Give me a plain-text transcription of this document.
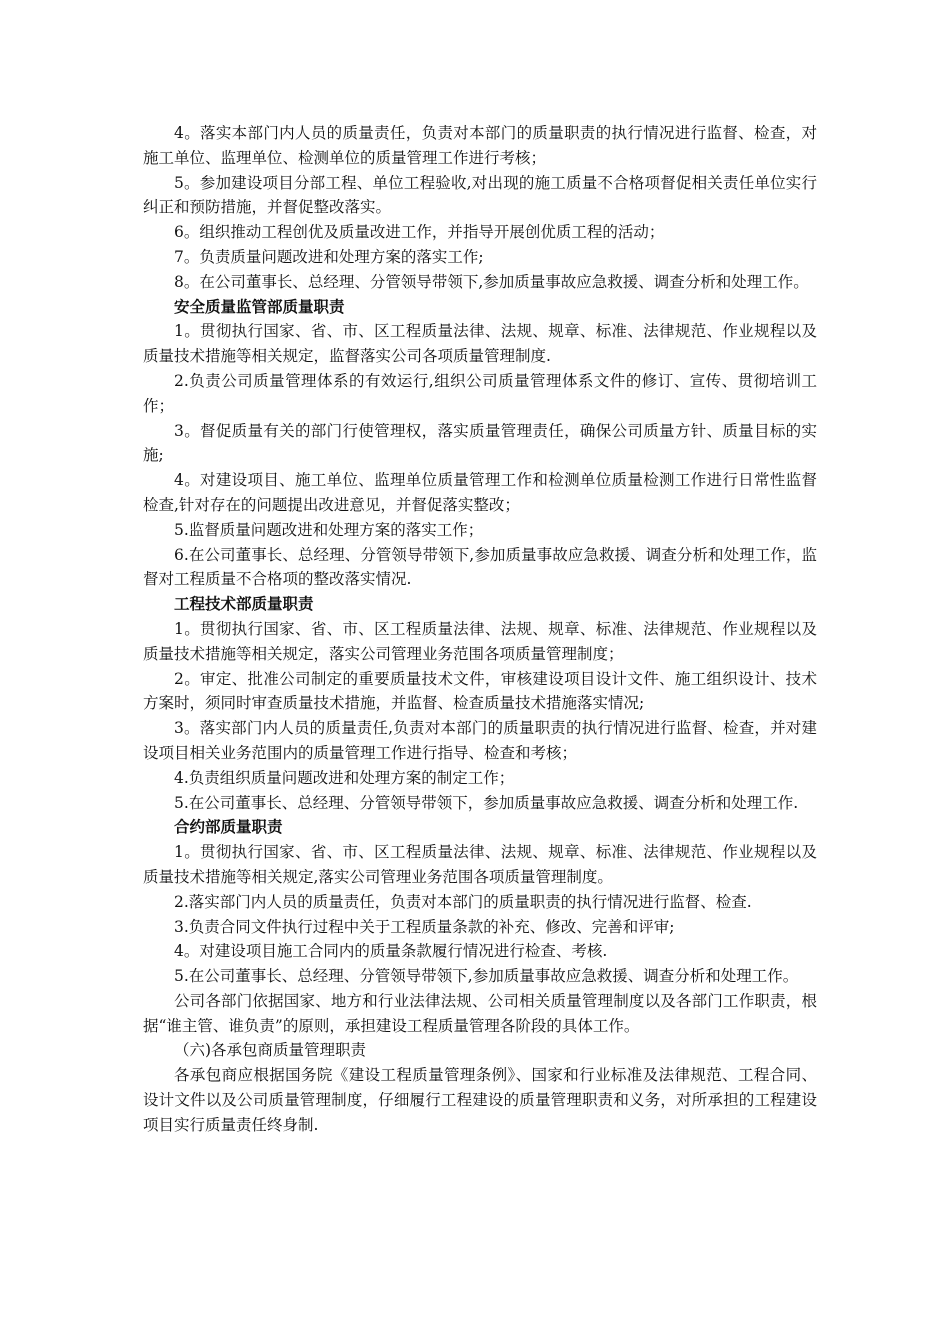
4。落实本部门内人员的质量责任，负责对本部门的质量职责的执行情况进行监督、检查，对施工单位、监理单位、检测单位的质量管理工作进行考核；

5。参加建设项目分部工程、单位工程验收,对出现的施工质量不合格项督促相关责任单位实行纠正和预防措施，并督促整改落实。

6。组织推动工程创优及质量改进工作，并指导开展创优质工程的活动；

7。负责质量问题改进和处理方案的落实工作;

8。在公司董事长、总经理、分管领导带领下,参加质量事故应急救援、调查分析和处理工作。

安全质量监管部质量职责

1。贯彻执行国家、省、市、区工程质量法律、法规、规章、标准、法律规范、作业规程以及质量技术措施等相关规定，监督落实公司各项质量管理制度.

2.负责公司质量管理体系的有效运行,组织公司质量管理体系文件的修订、宣传、贯彻培训工作；

3。督促质量有关的部门行使管理权，落实质量管理责任，确保公司质量方针、质量目标的实施;

4。对建设项目、施工单位、监理单位质量管理工作和检测单位质量检测工作进行日常性监督检查,针对存在的问题提出改进意见，并督促落实整改；

5.监督质量问题改进和处理方案的落实工作；

6.在公司董事长、总经理、分管领导带领下,参加质量事故应急救援、调查分析和处理工作，监督对工程质量不合格项的整改落实情况.

工程技术部质量职责

1。贯彻执行国家、省、市、区工程质量法律、法规、规章、标准、法律规范、作业规程以及质量技术措施等相关规定，落实公司管理业务范围各项质量管理制度；

2。审定、批准公司制定的重要质量技术文件，审核建设项目设计文件、施工组织设计、技术方案时，须同时审查质量技术措施，并监督、检查质量技术措施落实情况;

3。落实部门内人员的质量责任,负责对本部门的质量职责的执行情况进行监督、检查，并对建设项目相关业务范围内的质量管理工作进行指导、检查和考核；

4.负责组织质量问题改进和处理方案的制定工作；

5.在公司董事长、总经理、分管领导带领下，参加质量事故应急救援、调查分析和处理工作.

合约部质量职责

1。贯彻执行国家、省、市、区工程质量法律、法规、规章、标准、法律规范、作业规程以及质量技术措施等相关规定,落实公司管理业务范围各项质量管理制度。

2.落实部门内人员的质量责任，负责对本部门的质量职责的执行情况进行监督、检查.

3.负责合同文件执行过程中关于工程质量条款的补充、修改、完善和评审;

4。对建设项目施工合同内的质量条款履行情况进行检查、考核.

5.在公司董事长、总经理、分管领导带领下,参加质量事故应急救援、调查分析和处理工作。

公司各部门依据国家、地方和行业法律法规、公司相关质量管理制度以及各部门工作职责，根据“谁主管、谁负责”的原则，承担建设工程质量管理各阶段的具体工作。

（六)各承包商质量管理职责

各承包商应根据国务院《建设工程质量管理条例》、国家和行业标准及法律规范、工程合同、设计文件以及公司质量管理制度，仔细履行工程建设的质量管理职责和义务，对所承担的工程建设项目实行质量责任终身制.
